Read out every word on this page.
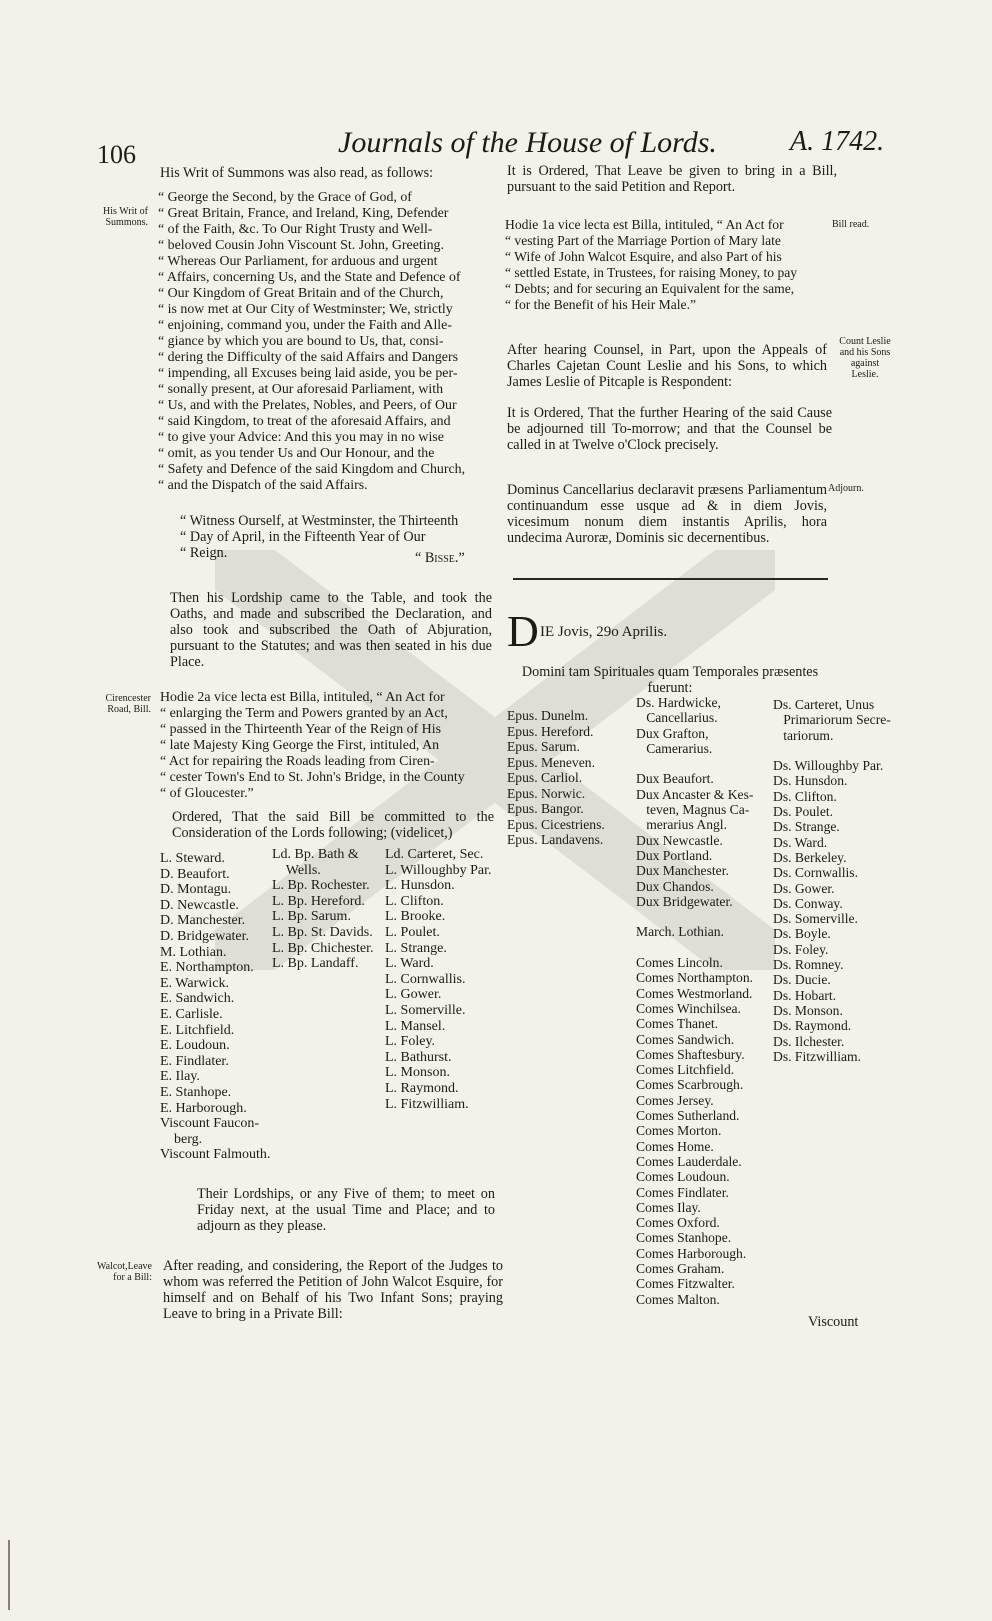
106	Journals of the House of Lords.	A. 1742.
His Writ of
Summons.
Cirencester
Road, Bill.
Walcot,Leave
for a Bill:
Bill read.
Count Leslie
and his Sons
against
Leslie.
Adjourn.
His Writ of Summons was also read, as follows:
“ George the Second, by the Grace of God, of
“ Great Britain, France, and Ireland, King, Defender
“ of the Faith, &c. To Our Right Trusty and Well-
“ beloved Cousin John Viscount St. John, Greeting.
“ Whereas Our Parliament, for arduous and urgent
“ Affairs, concerning Us, and the State and Defence of
“ Our Kingdom of Great Britain and of the Church,
“ is now met at Our City of Westminster; We, strictly
“ enjoining, command you, under the Faith and Alle-
“ giance by which you are bound to Us, that, consi-
“ dering the Difficulty of the said Affairs and Dangers
“ impending, all Excuses being laid aside, you be per-
“ sonally present, at Our aforesaid Parliament, with
“ Us, and with the Prelates, Nobles, and Peers, of Our
“ said Kingdom, to treat of the aforesaid Affairs, and
“ to give your Advice: And this you may in no wise
“ omit, as you tender Us and Our Honour, and the
“ Safety and Defence of the said Kingdom and Church,
“ and the Dispatch of the said Affairs.
“ Witness Ourself, at Westminster, the Thirteenth
“ Day of April, in the Fifteenth Year of Our
“ Reign.	“ Bisse.”
Then his Lordship came to the Table, and took the Oaths, and made and subscribed the Declaration, and also took and subscribed the Oath of Abjuration, pursuant to the Statutes; and was then seated in his due Place.
Hodie 2a vice lecta est Billa, intituled, “ An Act for
“ enlarging the Term and Powers granted by an Act,
“ passed in the Thirteenth Year of the Reign of His
“ late Majesty King George the First, intituled, An
“ Act for repairing the Roads leading from Ciren-
“ cester Town's End to St. John's Bridge, in the County
“ of Gloucester.”
Ordered, That the said Bill be committed to the Consideration of the Lords following; (videlicet,)
L. Steward.
D. Beaufort.
D. Montagu.
D. Newcastle.
D. Manchester.
D. Bridgewater.
M. Lothian.
E. Northampton.
E. Warwick.
E. Sandwich.
E. Carlisle.
E. Litchfield.
E. Loudoun.
E. Findlater.
E. Ilay.
E. Stanhope.
E. Harborough.
Viscount Faucon-
berg.
Viscount Falmouth.
Ld. Bp. Bath &
Wells.
L. Bp. Rochester.
L. Bp. Hereford.
L. Bp. Sarum.
L. Bp. St. Davids.
L. Bp. Chichester.
L. Bp. Landaff.
Ld. Carteret, Sec.
L. Willoughby Par.
L. Hunsdon.
L. Clifton.
L. Brooke.
L. Poulet.
L. Strange.
L. Ward.
L. Cornwallis.
L. Gower.
L. Somerville.
L. Mansel.
L. Foley.
L. Bathurst.
L. Monson.
L. Raymond.
L. Fitzwilliam.
Their Lordships, or any Five of them; to meet on Friday next, at the usual Time and Place; and to adjourn as they please.
After reading, and considering, the Report of the Judges to whom was referred the Petition of John Walcot Esquire, for himself and on Behalf of his Two Infant Sons; praying Leave to bring in a Private Bill:
It is Ordered, That Leave be given to bring in a Bill, pursuant to the said Petition and Report.
Hodie 1a vice lecta est Billa, intituled, “ An Act for
“ vesting Part of the Marriage Portion of Mary late
“ Wife of John Walcot Esquire, and also Part of his
“ settled Estate, in Trustees, for raising Money, to pay
“ Debts; and for securing an Equivalent for the same,
“ for the Benefit of his Heir Male.”
After hearing Counsel, in Part, upon the Appeals of Charles Cajetan Count Leslie and his Sons, to which James Leslie of Pitcaple is Respondent:
It is Ordered, That the further Hearing of the said Cause be adjourned till To-morrow; and that the Counsel be called in at Twelve o'Clock precisely.
Dominus Cancellarius declaravit præsens Parliamentum continuandum esse usque ad & in diem Jovis, vicesimum nonum diem instantis Aprilis, hora undecima Auroræ, Dominis sic decernentibus.
D IE Jovis, 29o Aprilis.
Domini tam Spirituales quam Temporales præsentes
fuerunt:
Epus. Dunelm.
Epus. Hereford.
Epus. Sarum.
Epus. Meneven.
Epus. Carliol.
Epus. Norwic.
Epus. Bangor.
Epus. Cicestriens.
Epus. Landavens.
Ds. Hardwicke,
Cancellarius.
Dux Grafton,
Camerarius.

Dux Beaufort.
Dux Ancaster & Kes-
teven, Magnus Ca-
merarius Angl.
Dux Newcastle.
Dux Portland.
Dux Manchester.
Dux Chandos.
Dux Bridgewater.

March. Lothian.

Comes Lincoln.
Comes Northampton.
Comes Westmorland.
Comes Winchilsea.
Comes Thanet.
Comes Sandwich.
Comes Shaftesbury.
Comes Litchfield.
Comes Scarbrough.
Comes Jersey.
Comes Sutherland.
Comes Morton.
Comes Home.
Comes Lauderdale.
Comes Loudoun.
Comes Findlater.
Comes Ilay.
Comes Oxford.
Comes Stanhope.
Comes Harborough.
Comes Graham.
Comes Fitzwalter.
Comes Malton.
Ds. Carteret, Unus
Primariorum Secre-
tariorum.

Ds. Willoughby Par.
Ds. Hunsdon.
Ds. Clifton.
Ds. Poulet.
Ds. Strange.
Ds. Ward.
Ds. Berkeley.
Ds. Cornwallis.
Ds. Gower.
Ds. Conway.
Ds. Somerville.
Ds. Boyle.
Ds. Foley.
Ds. Romney.
Ds. Ducie.
Ds. Hobart.
Ds. Monson.
Ds. Raymond.
Ds. Ilchester.
Ds. Fitzwilliam.
Viscount
